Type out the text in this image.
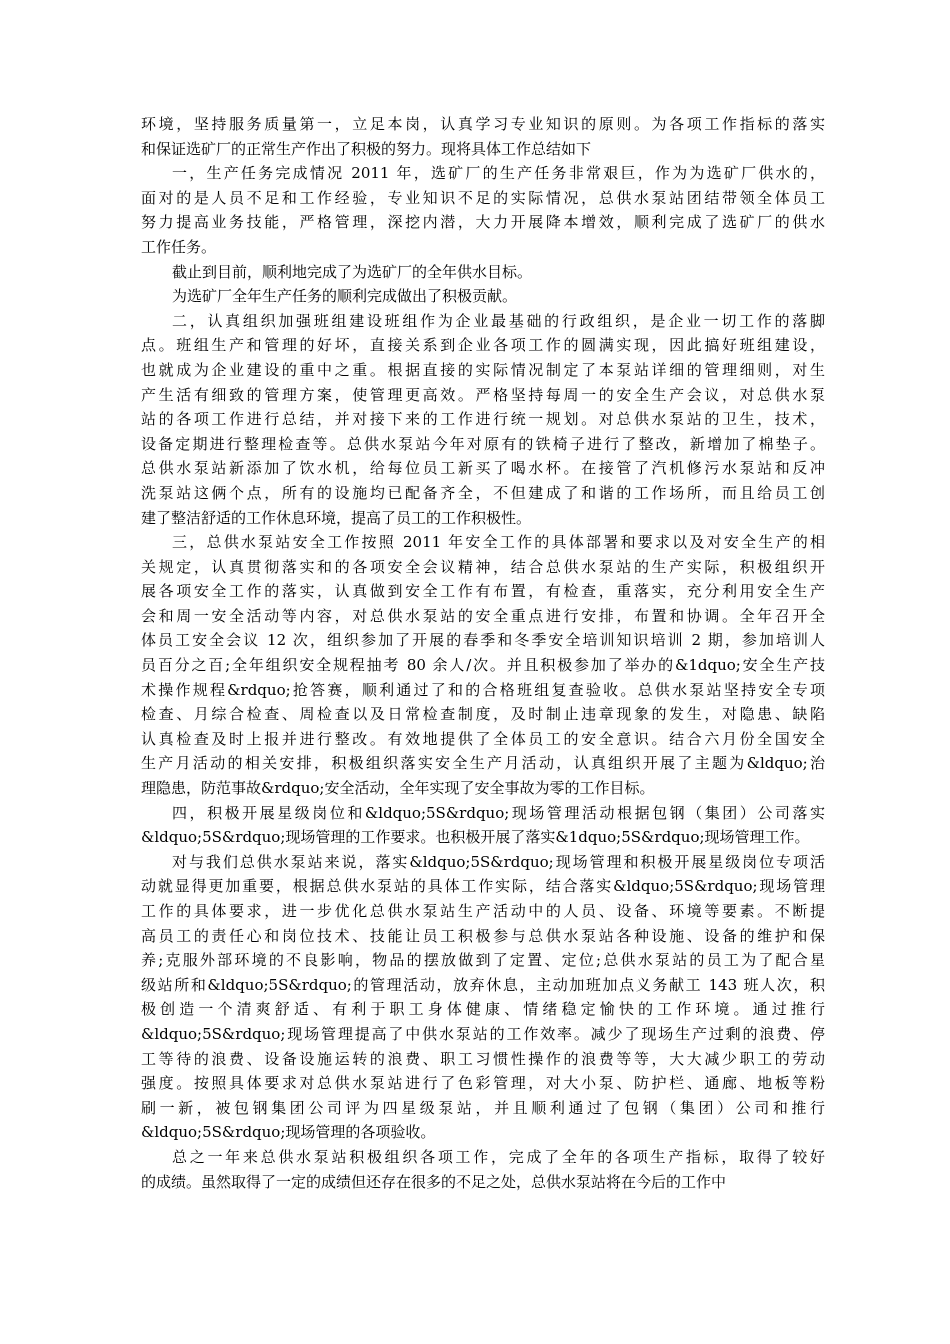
环境，坚持服务质量第一，立足本岗，认真学习专业知识的原则。为各项工作指标的落实
和保证选矿厂的正常生产作出了积极的努力。现将具体工作总结如下
一，生产任务完成情况 2011 年，选矿厂的生产任务非常艰巨，作为为选矿厂供水的，
面对的是人员不足和工作经验，专业知识不足的实际情况，总供水泵站团结带领全体员工
努力提高业务技能，严格管理，深挖内潜，大力开展降本增效，顺利完成了选矿厂的供水
工作任务。
截止到目前，顺利地完成了为选矿厂的全年供水目标。
为选矿厂全年生产任务的顺利完成做出了积极贡献。
二，认真组织加强班组建设班组作为企业最基础的行政组织，是企业一切工作的落脚
点。班组生产和管理的好坏，直接关系到企业各项工作的圆满实现，因此搞好班组建设，
也就成为企业建设的重中之重。根据直接的实际情况制定了本泵站详细的管理细则，对生
产生活有细致的管理方案，使管理更高效。严格坚持每周一的安全生产会议，对总供水泵
站的各项工作进行总结，并对接下来的工作进行统一规划。对总供水泵站的卫生，技术，
设备定期进行整理检查等。总供水泵站今年对原有的铁椅子进行了整改，新增加了棉垫子。
总供水泵站新添加了饮水机，给每位员工新买了喝水杯。在接管了汽机修污水泵站和反冲
洗泵站这俩个点，所有的设施均已配备齐全，不但建成了和谐的工作场所，而且给员工创
建了整洁舒适的工作休息环境，提高了员工的工作积极性。
三，总供水泵站安全工作按照 2011 年安全工作的具体部署和要求以及对安全生产的相
关规定，认真贯彻落实和的各项安全会议精神，结合总供水泵站的生产实际，积极组织开
展各项安全工作的落实，认真做到安全工作有布置，有检查，重落实，充分利用安全生产
会和周一安全活动等内容，对总供水泵站的安全重点进行安排，布置和协调。全年召开全
体员工安全会议 12 次，组织参加了开展的春季和冬季安全培训知识培训 2 期，参加培训人
员百分之百;全年组织安全规程抽考 80 余人/次。并且积极参加了举办的&1dquo;安全生产技
术操作规程&rdquo;抢答赛，顺利通过了和的合格班组复查验收。总供水泵站坚持安全专项
检查、月综合检查、周检查以及日常检查制度，及时制止违章现象的发生，对隐患、缺陷
认真检查及时上报并进行整改。有效地提供了全体员工的安全意识。结合六月份全国安全
生产月活动的相关安排，积极组织落实安全生产月活动，认真组织开展了主题为&ldquo;治
理隐患，防范事故&rdquo;安全活动，全年实现了安全事故为零的工作目标。
四，积极开展星级岗位和&ldquo;5S&rdquo;现场管理活动根据包钢（集团）公司落实
&ldquo;5S&rdquo;现场管理的工作要求。也积极开展了落实&1dquo;5S&rdquo;现场管理工作。
对与我们总供水泵站来说，落实&ldquo;5S&rdquo;现场管理和积极开展星级岗位专项活
动就显得更加重要，根据总供水泵站的具体工作实际，结合落实&ldquo;5S&rdquo;现场管理
工作的具体要求，进一步优化总供水泵站生产活动中的人员、设备、环境等要素。不断提
高员工的责任心和岗位技术、技能让员工积极参与总供水泵站各种设施、设备的维护和保
养;克服外部环境的不良影响，物品的摆放做到了定置、定位;总供水泵站的员工为了配合星
级站所和&ldquo;5S&rdquo;的管理活动，放弃休息，主动加班加点义务献工 143 班人次，积
极创造一个清爽舒适、有利于职工身体健康、情绪稳定愉快的工作环境。通过推行
&ldquo;5S&rdquo;现场管理提高了中供水泵站的工作效率。减少了现场生产过剩的浪费、停
工等待的浪费、设备设施运转的浪费、职工习惯性操作的浪费等等，大大减少职工的劳动
强度。按照具体要求对总供水泵站进行了色彩管理，对大小泵、防护栏、通廊、地板等粉
刷一新，被包钢集团公司评为四星级泵站，并且顺利通过了包钢（集团）公司和推行
&ldquo;5S&rdquo;现场管理的各项验收。
总之一年来总供水泵站积极组织各项工作，完成了全年的各项生产指标，取得了较好
的成绩。虽然取得了一定的成绩但还存在很多的不足之处，总供水泵站将在今后的工作中
